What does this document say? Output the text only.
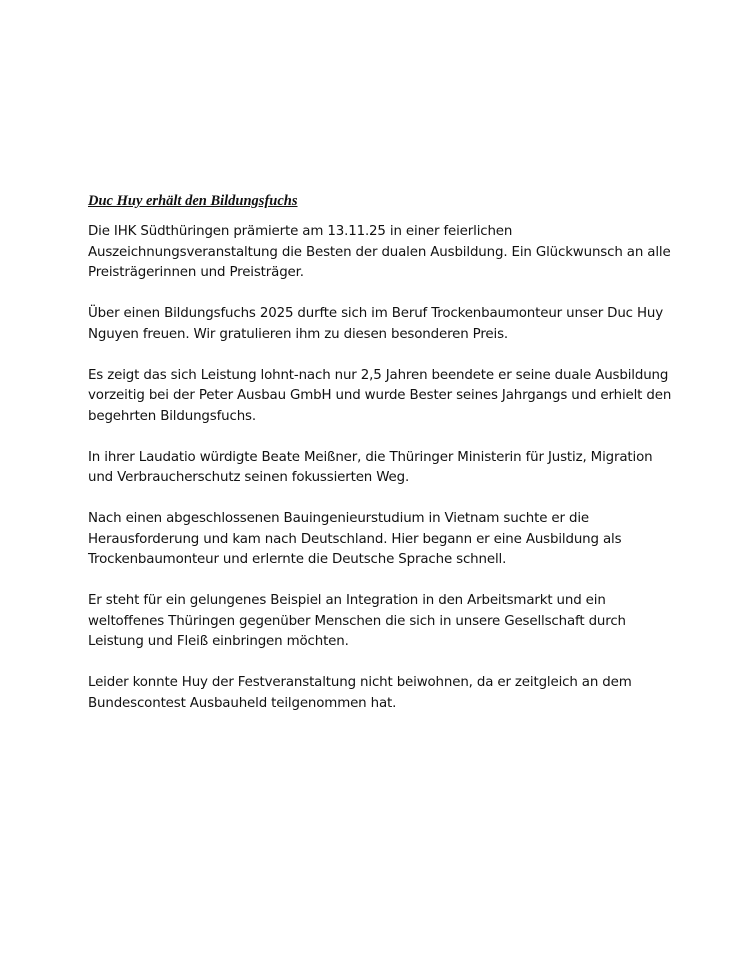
Duc Huy erhält den Bildungsfuchs

Die IHK Südthüringen prämierte am 13.11.25 in einer feierlichen Auszeichnungsveranstaltung die Besten der dualen Ausbildung. Ein Glückwunsch an alle Preisträgerinnen und Preisträger.

Über einen Bildungsfuchs 2025 durfte sich im Beruf Trockenbaumonteur unser Duc Huy Nguyen freuen. Wir gratulieren ihm zu diesen besonderen Preis.

Es zeigt das sich Leistung lohnt-nach nur 2,5 Jahren beendete er seine duale Ausbildung vorzeitig bei der Peter Ausbau GmbH und wurde Bester seines Jahrgangs und erhielt den begehrten Bildungsfuchs.

In ihrer Laudatio würdigte Beate Meißner, die Thüringer Ministerin für Justiz, Migration und Verbraucherschutz seinen fokussierten Weg.

Nach einen abgeschlossenen Bauingenieurstudium in Vietnam suchte er die Herausforderung und kam nach Deutschland. Hier begann er eine Ausbildung als Trockenbaumonteur und erlernte die Deutsche Sprache schnell.

Er steht für ein gelungenes Beispiel an Integration in den Arbeitsmarkt und ein weltoffenes Thüringen gegenüber Menschen die sich in unsere Gesellschaft durch Leistung und Fleiß einbringen möchten.

Leider konnte Huy der Festveranstaltung nicht beiwohnen, da er zeitgleich an dem Bundescontest Ausbauheld teilgenommen hat.
